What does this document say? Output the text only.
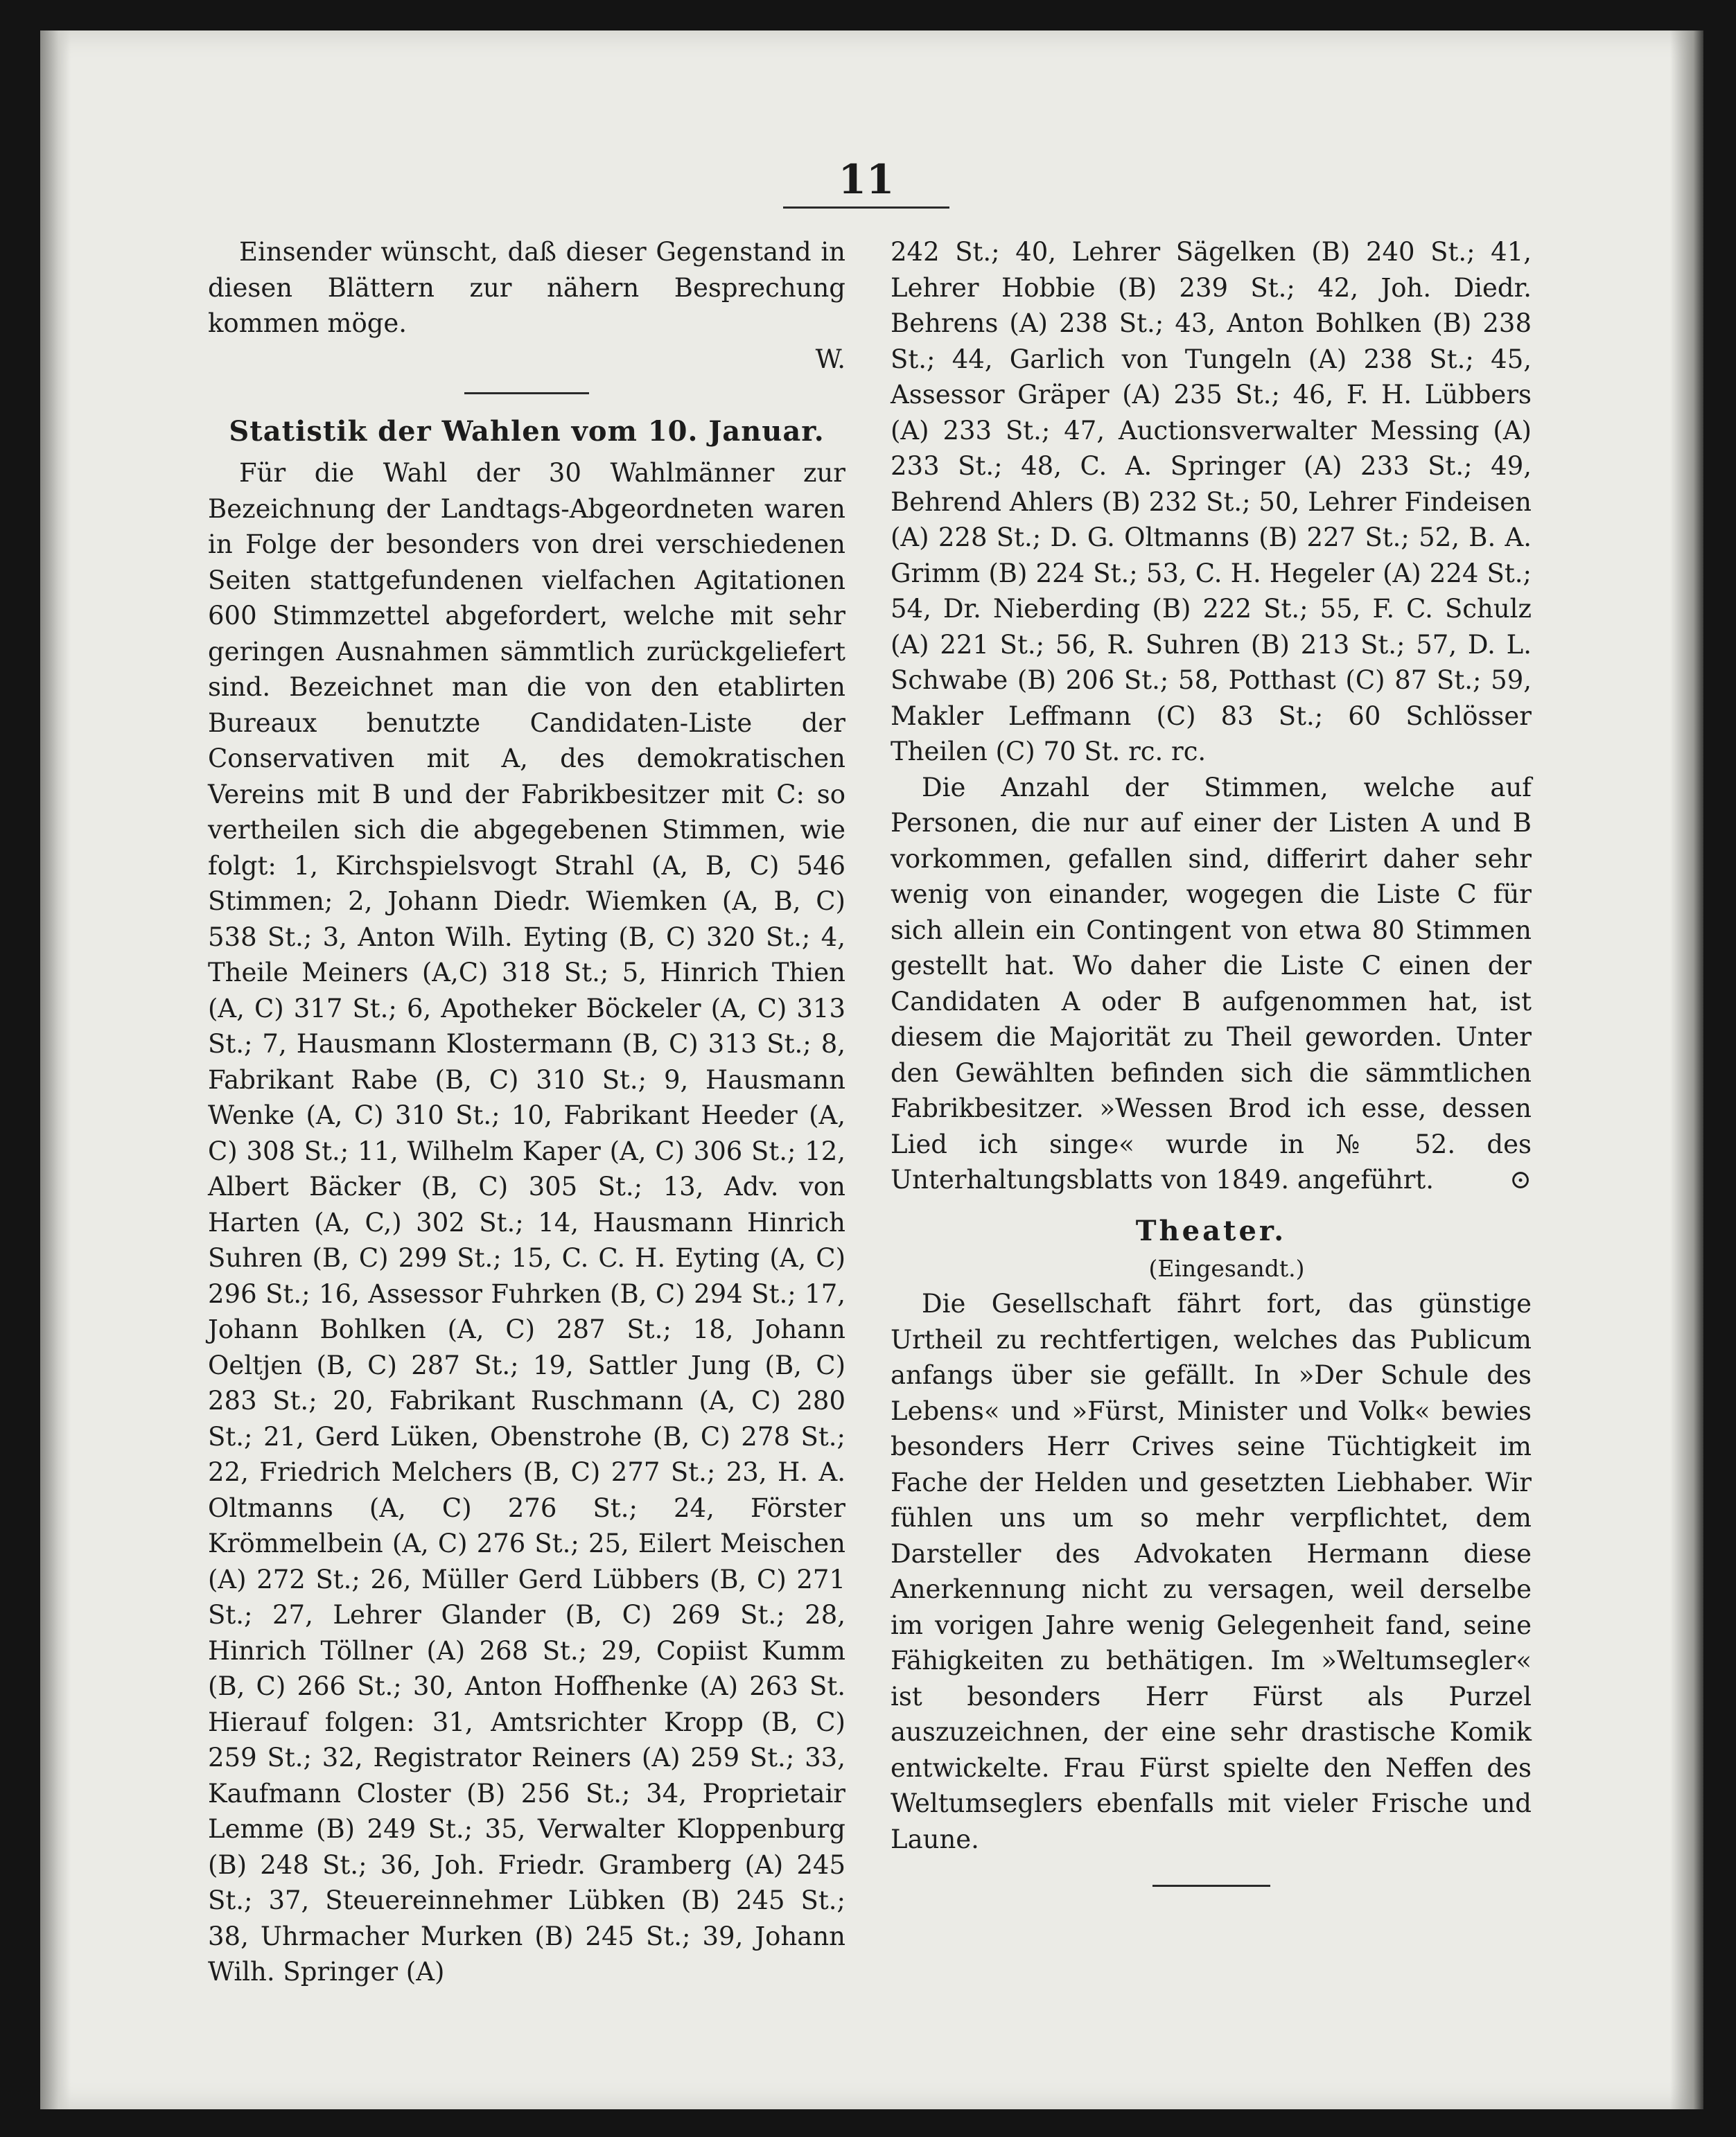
11

Einsender wünscht, daß dieser Gegenstand in diesen Blättern zur nähern Besprechung kommen möge.

W.

Statistik der Wahlen vom 10. Januar.

Für die Wahl der 30 Wahlmänner zur Bezeichnung der Landtags-Abgeordneten waren in Folge der besonders von drei verschiedenen Seiten stattgefundenen vielfachen Agitationen 600 Stimmzettel abgefordert, welche mit sehr geringen Ausnahmen sämmtlich zurückgeliefert sind. Bezeichnet man die von den etablirten Bureaux benutzte Candidaten-Liste der Conservativen mit A, des demokratischen Vereins mit B und der Fabrikbesitzer mit C: so vertheilen sich die abgegebenen Stimmen, wie folgt: 1, Kirchspielsvogt Strahl (A, B, C) 546 Stimmen; 2, Johann Diedr. Wiemken (A, B, C) 538 St.; 3, Anton Wilh. Eyting (B, C) 320 St.; 4, Theile Meiners (A,C) 318 St.; 5, Hinrich Thien (A, C) 317 St.; 6, Apotheker Böckeler (A, C) 313 St.; 7, Hausmann Klostermann (B, C) 313 St.; 8, Fabrikant Rabe (B, C) 310 St.; 9, Hausmann Wenke (A, C) 310 St.; 10, Fabrikant Heeder (A, C) 308 St.; 11, Wilhelm Kaper (A, C) 306 St.; 12, Albert Bäcker (B, C) 305 St.; 13, Adv. von Harten (A, C,) 302 St.; 14, Hausmann Hinrich Suhren (B, C) 299 St.; 15, C. C. H. Eyting (A, C) 296 St.; 16, Assessor Fuhrken (B, C) 294 St.; 17, Johann Bohlken (A, C) 287 St.; 18, Johann Oeltjen (B, C) 287 St.; 19, Sattler Jung (B, C) 283 St.; 20, Fabrikant Ruschmann (A, C) 280 St.; 21, Gerd Lüken, Obenstrohe (B, C) 278 St.; 22, Friedrich Melchers (B, C) 277 St.; 23, H. A. Oltmanns (A, C) 276 St.; 24, Förster Krömmelbein (A, C) 276 St.; 25, Eilert Meischen (A) 272 St.; 26, Müller Gerd Lübbers (B, C) 271 St.; 27, Lehrer Glander (B, C) 269 St.; 28, Hinrich Töllner (A) 268 St.; 29, Copiist Kumm (B, C) 266 St.; 30, Anton Hoffhenke (A) 263 St. Hierauf folgen: 31, Amtsrichter Kropp (B, C) 259 St.; 32, Registrator Reiners (A) 259 St.; 33, Kaufmann Closter (B) 256 St.; 34, Proprietair Lemme (B) 249 St.; 35, Verwalter Kloppenburg (B) 248 St.; 36, Joh. Friedr. Gramberg (A) 245 St.; 37, Steuereinnehmer Lübken (B) 245 St.; 38, Uhrmacher Murken (B) 245 St.; 39, Johann Wilh. Springer (A)

242 St.; 40, Lehrer Sägelken (B) 240 St.; 41, Lehrer Hobbie (B) 239 St.; 42, Joh. Diedr. Behrens (A) 238 St.; 43, Anton Bohlken (B) 238 St.; 44, Garlich von Tungeln (A) 238 St.; 45, Assessor Gräper (A) 235 St.; 46, F. H. Lübbers (A) 233 St.; 47, Auctionsverwalter Messing (A) 233 St.; 48, C. A. Springer (A) 233 St.; 49, Behrend Ahlers (B) 232 St.; 50, Lehrer Findeisen (A) 228 St.; D. G. Oltmanns (B) 227 St.; 52, B. A. Grimm (B) 224 St.; 53, C. H. Hegeler (A) 224 St.; 54, Dr. Nieberding (B) 222 St.; 55, F. C. Schulz (A) 221 St.; 56, R. Suhren (B) 213 St.; 57, D. L. Schwabe (B) 206 St.; 58, Potthast (C) 87 St.; 59, Makler Leffmann (C) 83 St.; 60 Schlösser Theilen (C) 70 St. rc. rc.

Die Anzahl der Stimmen, welche auf Personen, die nur auf einer der Listen A und B vorkommen, gefallen sind, differirt daher sehr wenig von einander, wogegen die Liste C für sich allein ein Contingent von etwa 80 Stimmen gestellt hat. Wo daher die Liste C einen der Candidaten A oder B aufgenommen hat, ist diesem die Majorität zu Theil geworden. Unter den Gewählten befinden sich die sämmtlichen Fabrikbesitzer. »Wessen Brod ich esse, dessen Lied ich singe« wurde in № 52. des Unterhaltungsblatts von 1849. angeführt.	⊙

Theater.

(Eingesandt.)

Die Gesellschaft fährt fort, das günstige Urtheil zu rechtfertigen, welches das Publicum anfangs über sie gefällt. In »Der Schule des Lebens« und »Fürst, Minister und Volk« bewies besonders Herr Crives seine Tüchtigkeit im Fache der Helden und gesetzten Liebhaber. Wir fühlen uns um so mehr verpflichtet, dem Darsteller des Advokaten Hermann diese Anerkennung nicht zu versagen, weil derselbe im vorigen Jahre wenig Gelegenheit fand, seine Fähigkeiten zu bethätigen. Im »Weltumsegler« ist besonders Herr Fürst als Purzel auszuzeichnen, der eine sehr drastische Komik entwickelte. Frau Fürst spielte den Neffen des Weltumseglers ebenfalls mit vieler Frische und Laune.
